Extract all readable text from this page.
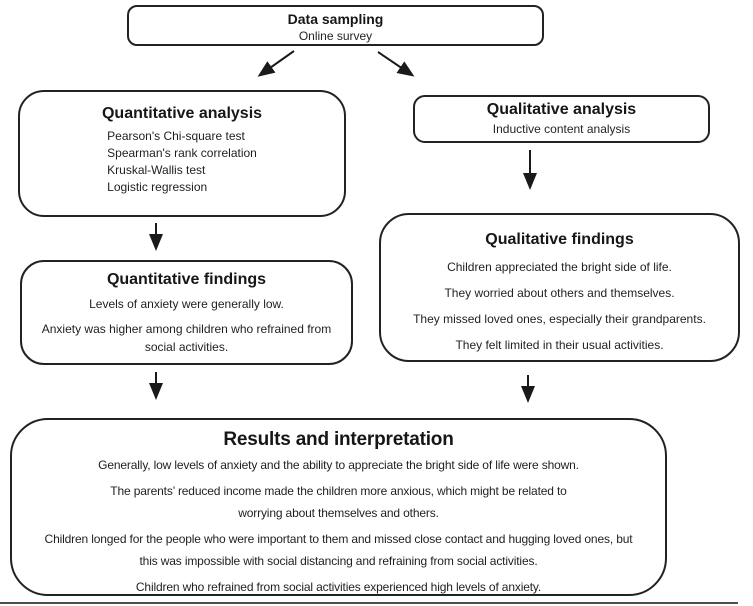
Data sampling
Online survey
Quantitative analysis
Pearson's Chi-square test
Spearman's rank correlation
Kruskal-Wallis test
Logistic regression
Qualitative analysis
Inductive content analysis
Quantitative findings
Levels of anxiety were generally low.
Anxiety was higher among children who refrained from
social activities.
Qualitative findings
Children appreciated the bright side of life.
They worried about others and themselves.
They missed loved ones, especially their grandparents.
They felt limited in their usual activities.
Results and interpretation
Generally, low levels of anxiety and the ability to appreciate the bright side of life were shown.
The parents’ reduced income made the children more anxious, which might be related to
worrying about themselves and others.
Children longed for the people who were important to them and missed close contact and hugging loved ones, but
this was impossible with social distancing and refraining from social activities.
Children who refrained from social activities experienced high levels of anxiety.
